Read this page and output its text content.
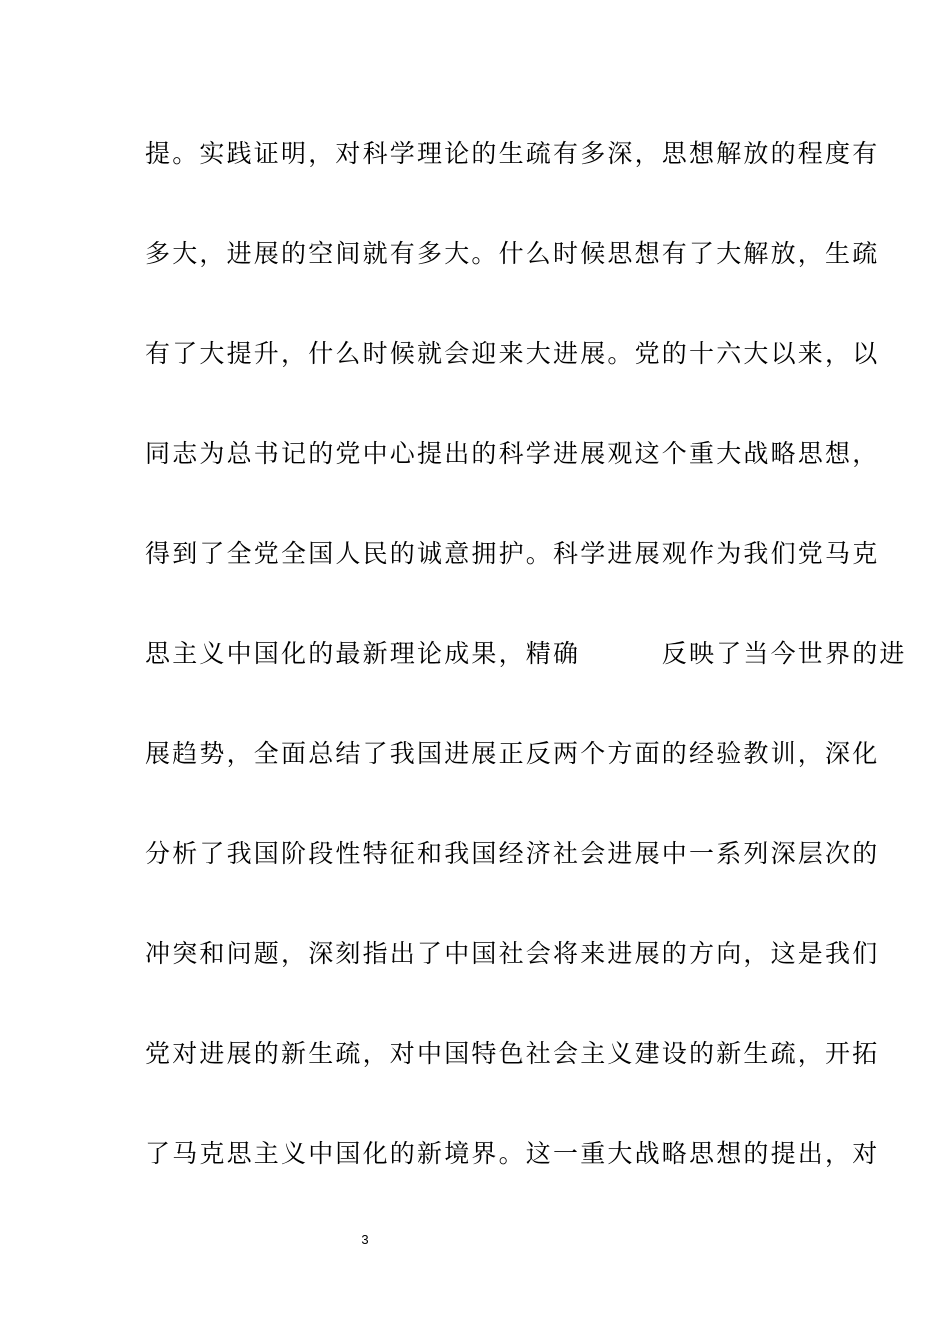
提。实践证明，对科学理论的生疏有多深，思想解放的程度有
多大，进展的空间就有多大。什么时候思想有了大解放，生疏
有了大提升，什么时候就会迎来大进展。党的十六大以来，以
同志为总书记的党中心提出的科学进展观这个重大战略思想，
得到了全党全国人民的诚意拥护。科学进展观作为我们党马克
思主义中国化的最新理论成果，精确　　　反映了当今世界的进
展趋势，全面总结了我国进展正反两个方面的经验教训，深化
分析了我国阶段性特征和我国经济社会进展中一系列深层次的
冲突和问题，深刻指出了中国社会将来进展的方向，这是我们
党对进展的新生疏，对中国特色社会主义建设的新生疏，开拓
了马克思主义中国化的新境界。这一重大战略思想的提出，对
3
